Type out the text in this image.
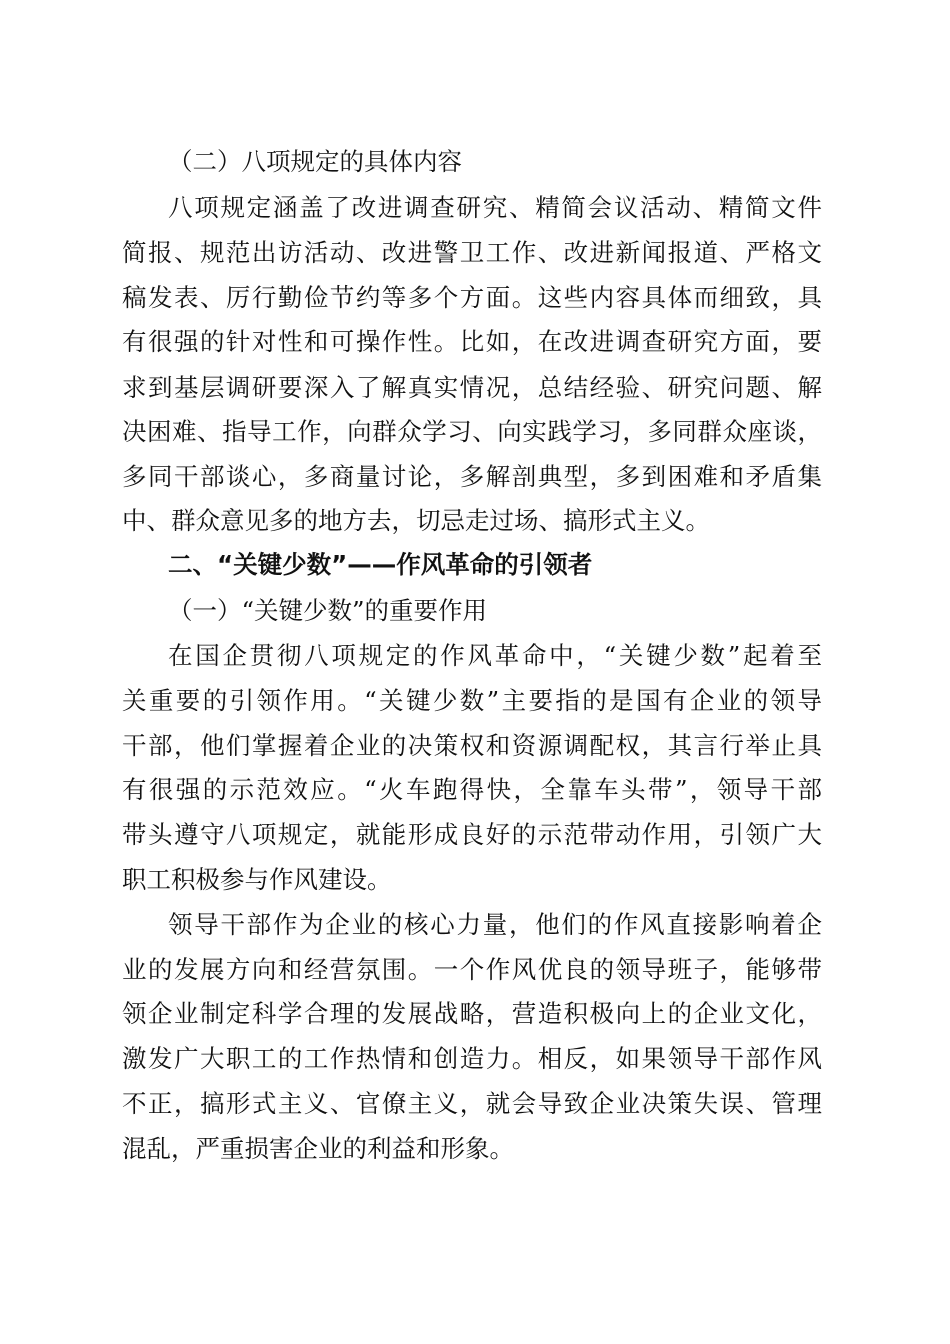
（二）八项规定的具体内容
八项规定涵盖了改进调查研究、精简会议活动、精简文件
简报、规范出访活动、改进警卫工作、改进新闻报道、严格文
稿发表、厉行勤俭节约等多个方面。这些内容具体而细致，具
有很强的针对性和可操作性。比如，在改进调查研究方面，要
求到基层调研要深入了解真实情况，总结经验、研究问题、解
决困难、指导工作，向群众学习、向实践学习，多同群众座谈，
多同干部谈心，多商量讨论，多解剖典型，多到困难和矛盾集
中、群众意见多的地方去，切忌走过场、搞形式主义。
二、“关键少数”——作风革命的引领者
（一）“关键少数”的重要作用
在国企贯彻八项规定的作风革命中，“关键少数”起着至
关重要的引领作用。“关键少数”主要指的是国有企业的领导
干部，他们掌握着企业的决策权和资源调配权，其言行举止具
有很强的示范效应。“火车跑得快，全靠车头带”，领导干部
带头遵守八项规定，就能形成良好的示范带动作用，引领广大
职工积极参与作风建设。
领导干部作为企业的核心力量，他们的作风直接影响着企
业的发展方向和经营氛围。一个作风优良的领导班子，能够带
领企业制定科学合理的发展战略，营造积极向上的企业文化，
激发广大职工的工作热情和创造力。相反，如果领导干部作风
不正，搞形式主义、官僚主义，就会导致企业决策失误、管理
混乱，严重损害企业的利益和形象。
